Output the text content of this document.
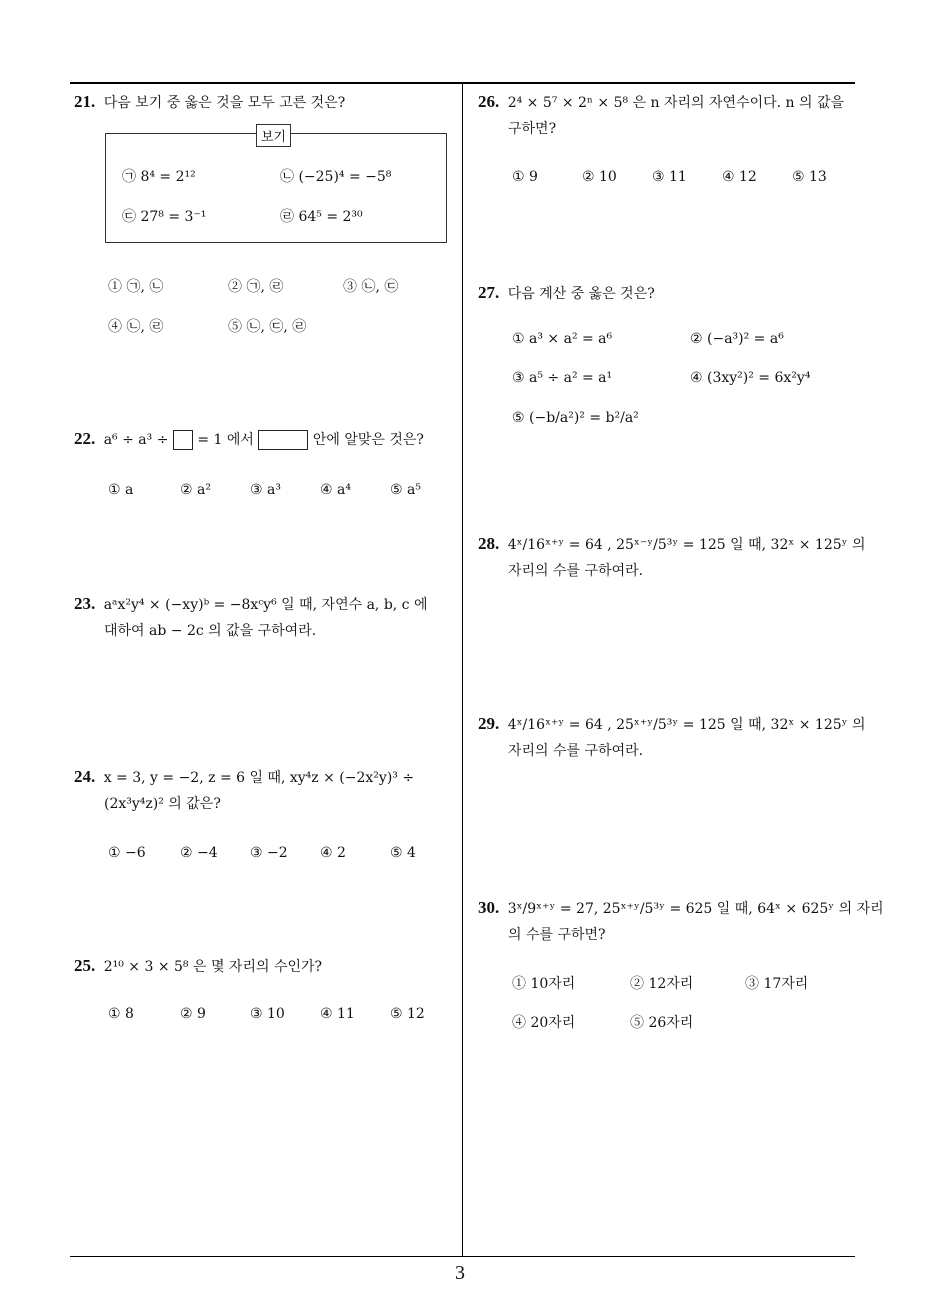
21. 다음 보기 중 옳은 것을 모두 고른 것은?
보기
㉠ 8⁴ = 2¹²	㉡ (−25)⁴ = −5⁸
㉢ 27⁸ = 3⁻¹	㉣ 64⁵ = 2³⁰
① ㉠, ㉡	② ㉠, ㉣	③ ㉡, ㉢
④ ㉡, ㉣	⑤ ㉡, ㉢, ㉣
22. a⁶ ÷ a³ ÷ = 1 에서	안에 알맞은 것은?
① a	② a²	③ a³	④ a⁴	⑤ a⁵
23. aᵃx²y⁴ × (−xy)ᵇ = −8xᶜy⁶ 일 때, 자연수 a, b, c 에
대하여 ab − 2c 의 값을 구하여라.
24. x = 3, y = −2, z = 6 일 때, xy⁴z × (−2x²y)³ ÷
(2x³y⁴z)² 의 값은?
① −6 ② −4 ③ −2 ④ 2	⑤ 4
25. 2¹⁰ × 3 × 5⁸ 은 몇 자리의 수인가?
① 8	② 9	③ 10	④ 11	⑤ 12
26. 2⁴ × 5⁷ × 2ⁿ × 5⁸ 은 n 자리의 자연수이다. n 의 값을
구하면?
① 9	② 10	③ 11	④ 12	⑤ 13
27. 다음 계산 중 옳은 것은?
① a³ × a² = a⁶	② (−a³)² = a⁶
③ a⁵ ÷ a² = a¹	④ (3xy²)² = 6x²y⁴
⑤ (−b/a²)² = b²/a²
28. 4ˣ/16ˣ⁺ʸ = 64 , 25ˣ⁻ʸ/5³ʸ = 125 일 때, 32ˣ × 125ʸ 의
자리의 수를 구하여라.
29. 4ˣ/16ˣ⁺ʸ = 64 , 25ˣ⁺ʸ/5³ʸ = 125 일 때, 32ˣ × 125ʸ 의
자리의 수를 구하여라.
30. 3ˣ/9ˣ⁺ʸ = 27, 25ˣ⁺ʸ/5³ʸ = 625 일 때, 64ˣ × 625ʸ 의 자리
의 수를 구하면?
① 10자리	② 12자리	③ 17자리
④ 20자리	⑤ 26자리
3
